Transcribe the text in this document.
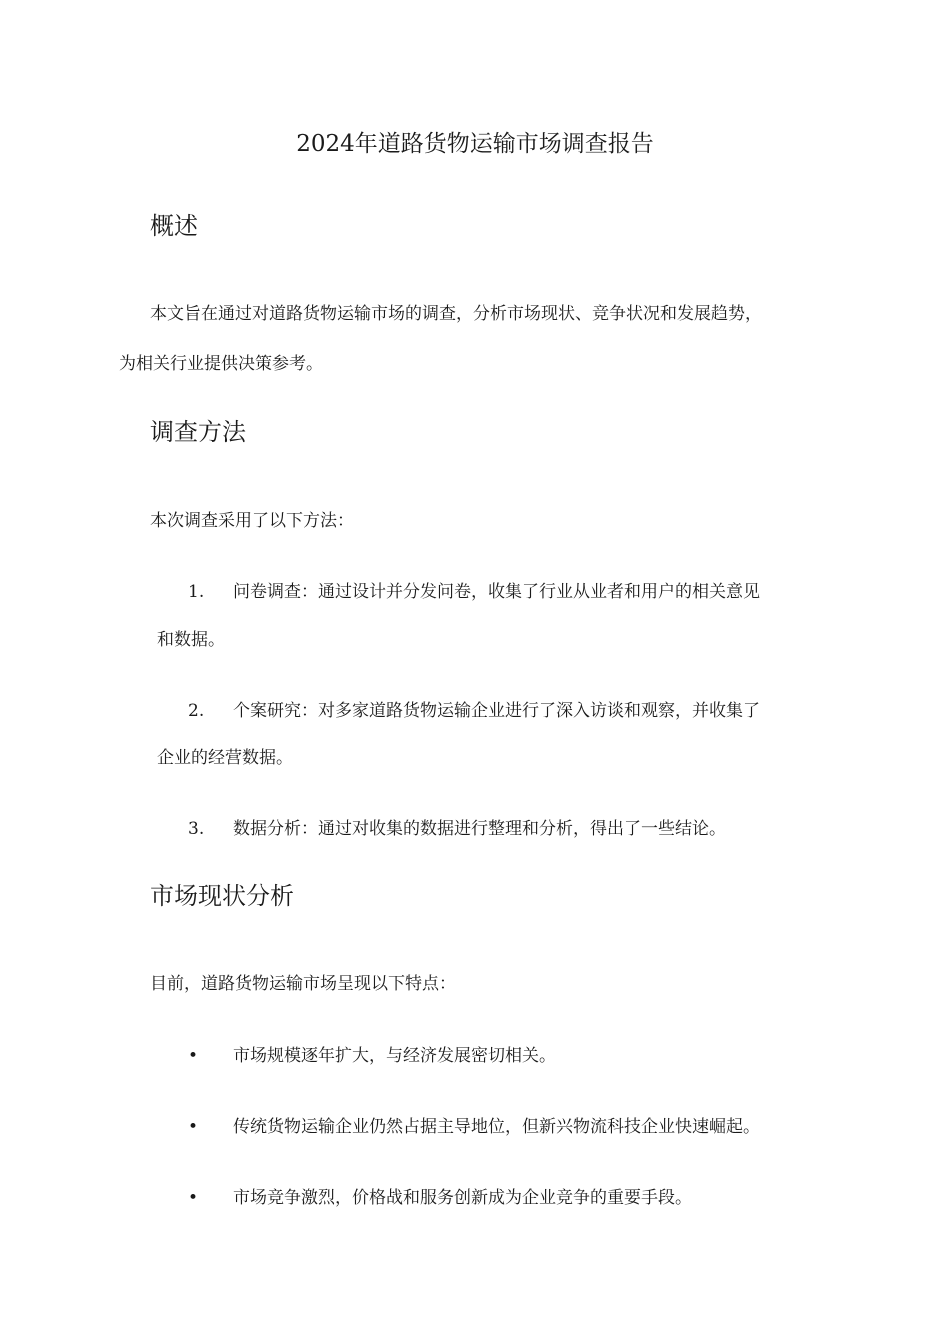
2024年道路货物运输市场调查报告
概述
本文旨在通过对道路货物运输市场的调查，分析市场现状、竞争状况和发展趋势，
为相关行业提供决策参考。
调查方法
本次调查采用了以下方法：
1. 问卷调查：通过设计并分发问卷，收集了行业从业者和用户的相关意见
和数据。
2. 个案研究：对多家道路货物运输企业进行了深入访谈和观察，并收集了
企业的经营数据。
3. 数据分析：通过对收集的数据进行整理和分析，得出了一些结论。
市场现状分析
目前，道路货物运输市场呈现以下特点：
• 市场规模逐年扩大，与经济发展密切相关。
• 传统货物运输企业仍然占据主导地位，但新兴物流科技企业快速崛起。
• 市场竞争激烈，价格战和服务创新成为企业竞争的重要手段。
